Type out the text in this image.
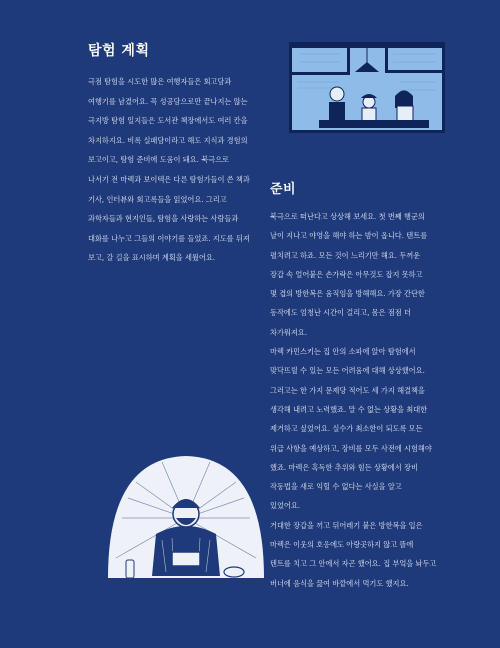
탐험 계획
극점 탐험을 시도한 많은 여행자들은 회고담과
여행기를 남겼어요. 꼭 성공담으로만 끝나지는 않는
극지방 탐험 일지들은 도서관 책장에서도 여러 칸을
차지하지요. 비록 실패담이라고 해도 지식과 경험의
보고이고, 탐험 준비에 도움이 돼요. 북극으로
나서기 전 마렉과 보이텍은 다른 탐험가들이 쓴 책과
기사, 인터뷰와 회고록들을 읽었어요. 그리고
과학자들과 현지인들, 탐험을 사랑하는 사람들과
대화를 나누고 그들의 이야기를 들었죠. 지도를 뒤져
보고, 갈 길을 표시하며 계획을 세웠어요.
준비
북극으로 떠난다고 상상해 보세요. 첫 번째 행군의
날이 지나고 야영을 해야 하는 밤이 옵니다. 텐트를
펼치려고 하죠. 모든 것이 느리기만 해요. 두꺼운
장갑 속 얼어붙은 손가락은 아무것도 잡지 못하고
몇 겹의 방한복은 움직임을 방해해요. 가장 간단한
동작에도 엄청난 시간이 걸리고, 몸은 점점 더
차가워져요.
마렉 카민스키는 집 안의 소파에 앉아 탐험에서
맞닥뜨릴 수 있는 모든 어려움에 대해 상상했어요.
그러고는 한 가지 문제당 적어도 세 가지 해결책을
생각해 내려고 노력했죠. 말 수 없는 상황을 최대한
제거하고 싶었어요. 실수가 최소한이 되도록 모든
위급 사항을 예상하고, 장비를 모두 사전에 시험해야
했죠. 마렉은 혹독한 추위와 힘든 상황에서 장비
작동법을 새로 익힐 수 없다는 사실을 알고
있었어요.
거대한 장갑을 끼고 뒤어레기 붙은 방한복을 입은
마렉은 이웃의 호응에도 아랑곳하지 않고 뜰에
텐트를 치고 그 안에서 자곤 했어요. 집 부엌을 놔두고
버너에 음식을 끓여 바깥에서 먹기도 했지요.
